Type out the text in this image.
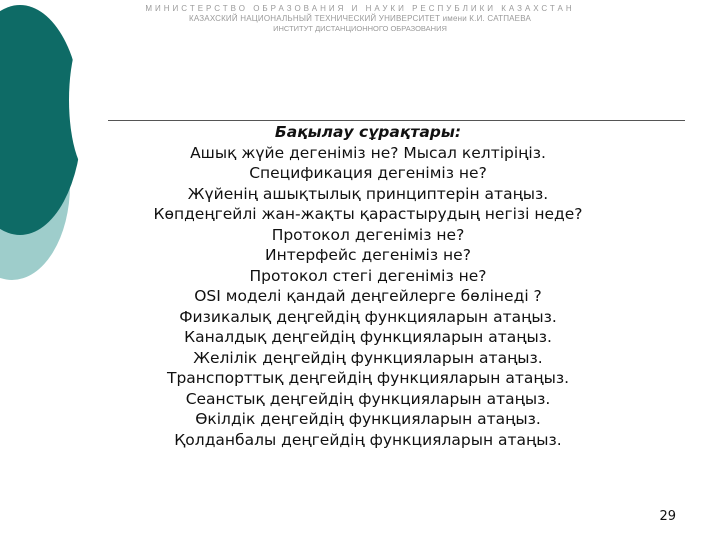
МИНИСТЕРСТВО ОБРАЗОВАНИЯ И НАУКИ РЕСПУБЛИКИ КАЗАХСТАН
КАЗАХСКИЙ НАЦИОНАЛЬНЫЙ ТЕХНИЧЕСКИЙ УНИВЕРСИТЕТ имени К.И. САТПАЕВА
ИНСТИТУТ ДИСТАНЦИОННОГО ОБРАЗОВАНИЯ
Бақылау сұрақтары:
Ашық жүйе дегеніміз не? Мысал келтіріңіз.
Спецификация дегеніміз не?
Жүйенің ашықтылық принциптерін атаңыз.
Көпдеңгейлі жан-жақты қарастырудың негізі неде?
Протокол дегеніміз не?
Интерфейс дегеніміз не?
Протокол стегі дегеніміз не?
OSI моделі қандай деңгейлерге бөлінеді ?
Физикалық деңгейдің функцияларын атаңыз.
Каналдық деңгейдің функцияларын атаңыз.
Желілік деңгейдің функцияларын атаңыз.
Транспорттық деңгейдің функцияларын атаңыз.
Сеанстық деңгейдің функцияларын атаңыз.
Өкілдік деңгейдің функцияларын атаңыз.
Қолданбалы деңгейдің функцияларын атаңыз.
29
